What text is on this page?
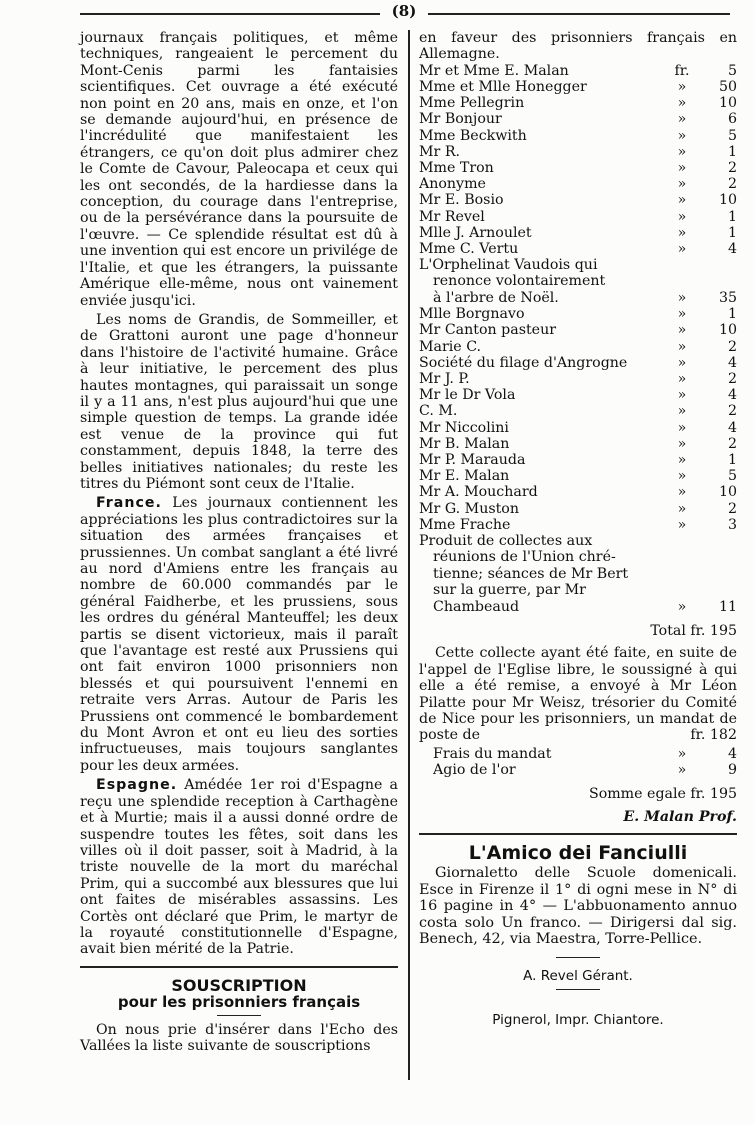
(8)

journaux français politiques, et même techniques, rangeaient le percement du Mont-Cenis parmi les fantaisies scientifiques. Cet ouvrage a été exécuté non point en 20 ans, mais en onze, et l'on se demande aujourd'hui, en présence de l'incrédulité que manifestaient les étrangers, ce qu'on doit plus admirer chez le Comte de Cavour, Paleocapa et ceux qui les ont secondés, de la hardiesse dans la conception, du courage dans l'entreprise, ou de la persévérance dans la poursuite de l'œuvre. — Ce splendide résultat est dû à une invention qui est encore un privilége de l'Italie, et que les étrangers, la puissante Amérique elle-même, nous ont vainement enviée jusqu'ici.

Les noms de Grandis, de Sommeiller, et de Grattoni auront une page d'honneur dans l'histoire de l'activité humaine. Grâce à leur initiative, le percement des plus hautes montagnes, qui paraissait un songe il y a 11 ans, n'est plus aujourd'hui que une simple question de temps. La grande idée est venue de la province qui fut constamment, depuis 1848, la terre des belles initiatives nationales; du reste les titres du Piémont sont ceux de l'Italie.

France. Les journaux contiennent les appréciations les plus contradictoires sur la situation des armées françaises et prussiennes. Un combat sanglant a été livré au nord d'Amiens entre les français au nombre de 60.000 commandés par le général Faidherbe, et les prussiens, sous les ordres du général Manteuffel; les deux partis se disent victorieux, mais il paraît que l'avantage est resté aux Prussiens qui ont fait environ 1000 prisonniers non blessés et qui poursuivent l'ennemi en retraite vers Arras. Autour de Paris les Prussiens ont commencé le bombardement du Mont Avron et ont eu lieu des sorties infructueuses, mais toujours sanglantes pour les deux armées.

Espagne. Amédée 1er roi d'Espagne a reçu une splendide reception à Carthagène et à Murtie; mais il a aussi donné ordre de suspendre toutes les fêtes, soit dans les villes où il doit passer, soit à Madrid, à la triste nouvelle de la mort du maréchal Prim, qui a succombé aux blessures que lui ont faites de misérables assassins. Les Cortès ont déclaré que Prim, le martyr de la royauté constitutionnelle d'Espagne, avait bien mérité de la Patrie.

SOUSCRIPTION
pour les prisonniers français

On nous prie d'insérer dans l'Echo des Vallées la liste suivante de souscriptions

en faveur des prisonniers français en Allemagne.

Mr et Mme E. Malan	fr.	5
Mme et Mlle Honegger	»	50
Mme Pellegrin	»	10
Mr Bonjour	»	6
Mme Beckwith	»	5
Mr R.	»	1
Mme Tron	»	2
Anonyme	»	2
Mr E. Bosio	»	10
Mr Revel	»	1
Mlle J. Arnoulet	»	1
Mme C. Vertu	»	4
L'Orphelinat Vaudois qui
renonce volontairement
à l'arbre de Noël.	»	35
Mlle Borgnavo	»	1
Mr Canton pasteur	»	10
Marie C.	»	2
Société du filage d'Angrogne	»	4
Mr J. P.	»	2
Mr le Dr Vola	»	4
C. M.	»	2
Mr Niccolini	»	4
Mr B. Malan	»	2
Mr P. Marauda	»	1
Mr E. Malan	»	5
Mr A. Mouchard	»	10
Mr G. Muston	»	2
Mme Frache	»	3
Produit de collectes aux
réunions de l'Union chré-
tienne; séances de Mr Bert
sur la guerre, par Mr
Chambeaud	»	11
Total fr. 195

Cette collecte ayant été faite, en suite de l'appel de l'Eglise libre, le soussigné à qui elle a été remise, a envoyé à Mr Léon Pilatte pour Mr Weisz, trésorier du Comité de Nice pour les prisonniers, un mandat de poste de	fr. 182

Frais du mandat	»	4
Agio de l'or	»	9
Somme egale fr. 195
E. Malan Prof.
L'Amico dei Fanciulli

Giornaletto delle Scuole domenicali. Esce in Firenze il 1° di ogni mese in N° di 16 pagine in 4° — L'abbuonamento annuo costa solo Un franco. — Dirigersi dal sig. Benech, 42, via Maestra, Torre-Pellice.

A. Revel Gérant.
Pignerol, Impr. Chiantore.
